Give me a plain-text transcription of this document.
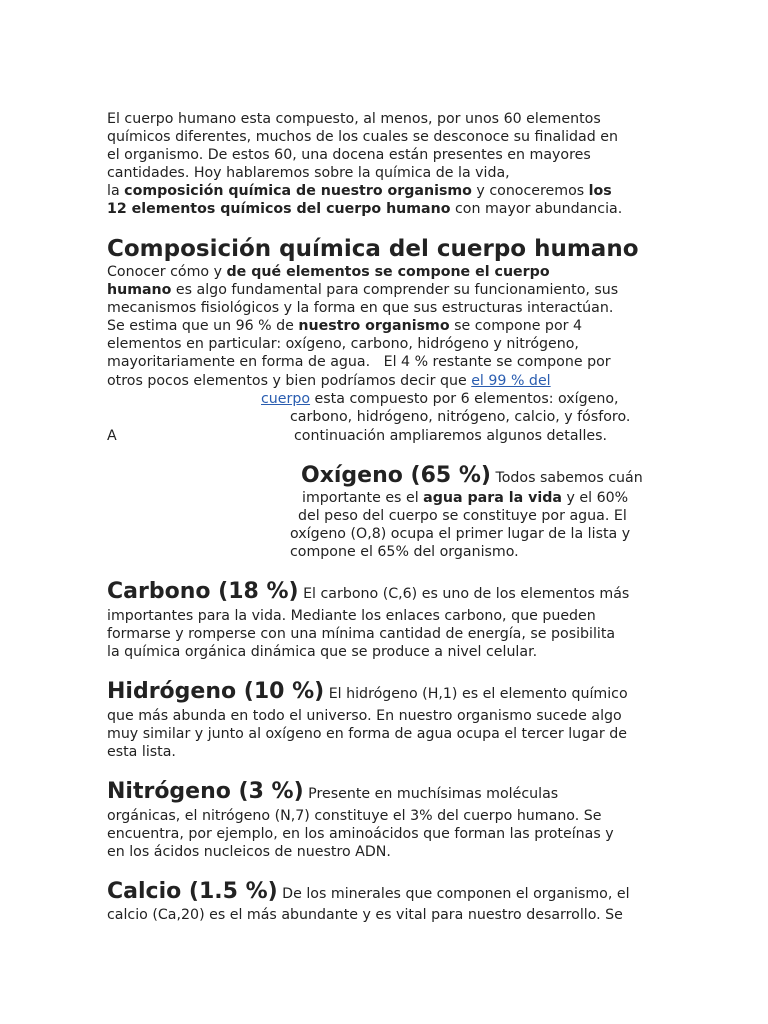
El cuerpo humano esta compuesto, al menos, por unos 60 elementos
químicos diferentes, muchos de los cuales se desconoce su finalidad en
el organismo. De estos 60, una docena están presentes en mayores
cantidades. Hoy hablaremos sobre la química de la vida,
la composición química de nuestro organismo y conoceremos los
12 elementos químicos del cuerpo humano con mayor abundancia.
Composición química del cuerpo humano
Conocer cómo y de qué elementos se compone el cuerpo
humano es algo fundamental para comprender su funcionamiento, sus
mecanismos fisiológicos y la forma en que sus estructuras interactúan.
Se estima que un 96 % de nuestro organismo se compone por 4
elementos en particular: oxígeno, carbono, hidrógeno y nitrógeno,
mayoritariamente en forma de agua.   El 4 % restante se compone por
otros pocos elementos y bien podríamos decir que el 99 % del
cuerpo esta compuesto por 6 elementos: oxígeno,
carbono, hidrógeno, nitrógeno, calcio, y fósforo.
A	continuación ampliaremos algunos detalles.
Oxígeno (65 %) Todos sabemos cuán
importante es el agua para la vida y el 60%
del peso del cuerpo se constituye por agua. El
oxígeno (O,8) ocupa el primer lugar de la lista y
compone el 65% del organismo.
Carbono (18 %) El carbono (C,6) es uno de los elementos más
importantes para la vida. Mediante los enlaces carbono, que pueden
formarse y romperse con una mínima cantidad de energía, se posibilita
la química orgánica dinámica que se produce a nivel celular.
Hidrógeno (10 %) El hidrógeno (H,1) es el elemento químico
que más abunda en todo el universo. En nuestro organismo sucede algo
muy similar y junto al oxígeno en forma de agua ocupa el tercer lugar de
esta lista.
Nitrógeno (3 %) Presente en muchísimas moléculas
orgánicas, el nitrógeno (N,7) constituye el 3% del cuerpo humano. Se
encuentra, por ejemplo, en los aminoácidos que forman las proteínas y
en los ácidos nucleicos de nuestro ADN.
Calcio (1.5 %) De los minerales que componen el organismo, el
calcio (Ca,20) es el más abundante y es vital para nuestro desarrollo. Se
